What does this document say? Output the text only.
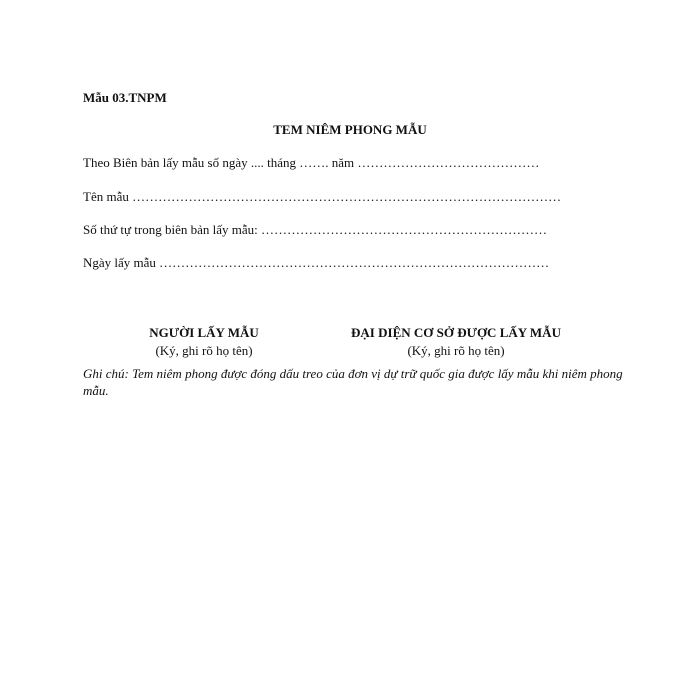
Mẫu 03.TNPM
TEM NIÊM PHONG MẪU
Theo Biên bản lấy mẫu số ngày .... tháng ……. năm ……………………………………
Tên mẫu ………………………………………………………………………………………
Số thứ tự trong biên bản lấy mẫu: …………………………………………………………
Ngày lấy mẫu ………………………………………………………………………………
NGƯỜI LẤY MẪU
(Ký, ghi rõ họ tên)
ĐẠI DIỆN CƠ SỞ ĐƯỢC LẤY MẪU
(Ký, ghi rõ họ tên)
Ghi chú: Tem niêm phong được đóng dấu treo của đơn vị dự trữ quốc gia được lấy mẫu khi niêm phong mẫu.
